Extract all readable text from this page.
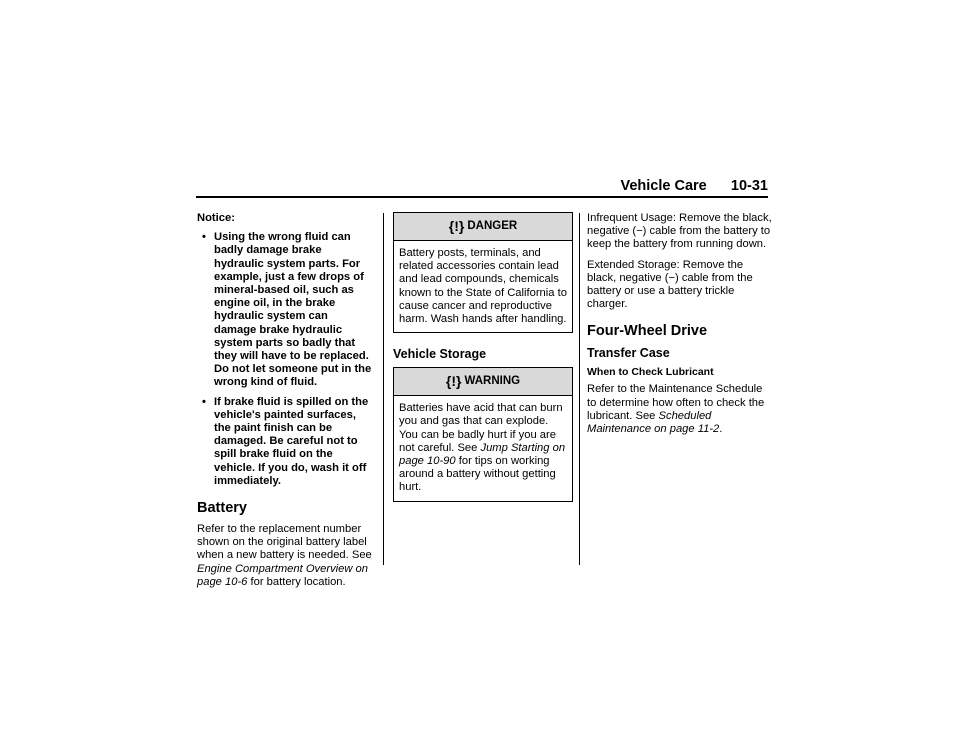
Vehicle Care 10-31

Notice:

• Using the wrong fluid can badly damage brake hydraulic system parts. For example, just a few drops of mineral-based oil, such as engine oil, in the brake hydraulic system can damage brake hydraulic system parts so badly that they will have to be replaced. Do not let someone put in the wrong kind of fluid.
• If brake fluid is spilled on the vehicle's painted surfaces, the paint finish can be damaged. Be careful not to spill brake fluid on the vehicle. If you do, wash it off immediately.
Battery

Refer to the replacement number shown on the original battery label when a new battery is needed. See Engine Compartment Overview on page 10-6 for battery location.

{!} DANGER
Battery posts, terminals, and related accessories contain lead and lead compounds, chemicals known to the State of California to cause cancer and reproductive harm. Wash hands after handling.
Vehicle Storage
{!} WARNING
Batteries have acid that can burn you and gas that can explode. You can be badly hurt if you are not careful. See Jump Starting on page 10-90 for tips on working around a battery without getting hurt.

Infrequent Usage: Remove the black, negative (−) cable from the battery to keep the battery from running down.

Extended Storage: Remove the black, negative (−) cable from the battery or use a battery trickle charger.

Four-Wheel Drive
Transfer Case
When to Check Lubricant

Refer to the Maintenance Schedule to determine how often to check the lubricant. See Scheduled Maintenance on page 11-2.
